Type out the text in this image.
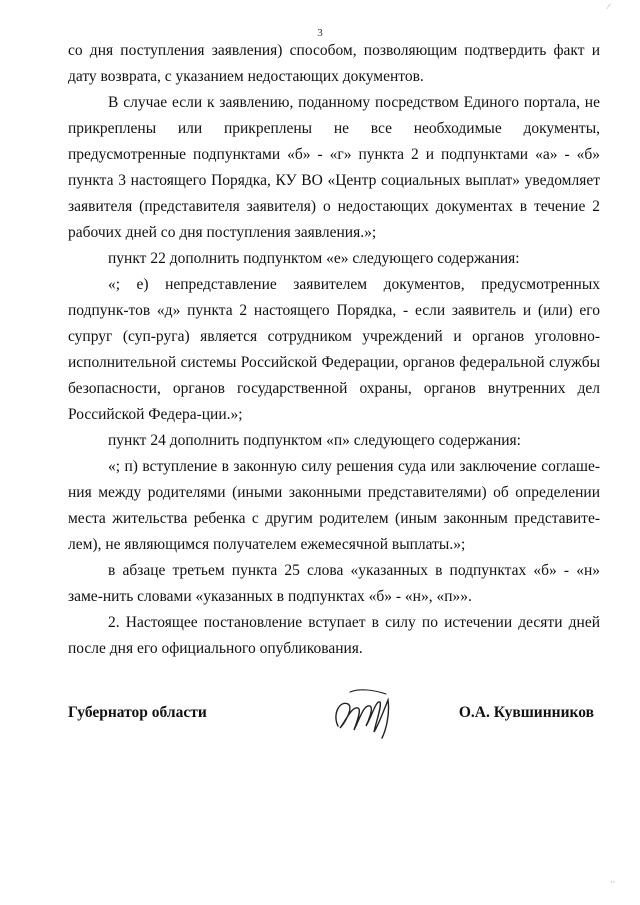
3

со дня поступления заявления) способом, позволяющим подтвердить факт и дату возврата, с указанием недостающих документов.

В случае если к заявлению, поданному посредством Единого портала, не прикреплены или прикреплены не все необходимые документы, предусмотренные подпунктами «б» - «г» пункта 2 и подпунктами «а» - «б» пункта 3 настоящего Порядка, КУ ВО «Центр социальных выплат» уведомляет заявителя (представителя заявителя) о недостающих документах в течение 2 рабочих дней со дня поступления заявления.»;

пункт 22 дополнить подпунктом «е» следующего содержания:

«; е) непредставление заявителем документов, предусмотренных подпунк-тов «д» пункта 2 настоящего Порядка, - если заявитель и (или) его супруг (суп-руга) является сотрудником учреждений и органов уголовно-исполнительной системы Российской Федерации, органов федеральной службы безопасности, органов государственной охраны, органов внутренних дел Российской Федера-ции.»;

пункт 24 дополнить подпунктом «п» следующего содержания:

«; п) вступление в законную силу решения суда или заключение соглаше-ния между родителями (иными законными представителями) об определении места жительства ребенка с другим родителем (иным законным представите-лем), не являющимся получателем ежемесячной выплаты.»;

в абзаце третьем пункта 25 слова «указанных в подпунктах «б» - «н» заме-нить словами «указанных в подпунктах «б» - «н», «п»».

2. Настоящее постановление вступает в силу по истечении десяти дней после дня его официального опубликования.

Губернатор области	О.А. Кувшинников
⁄
··
